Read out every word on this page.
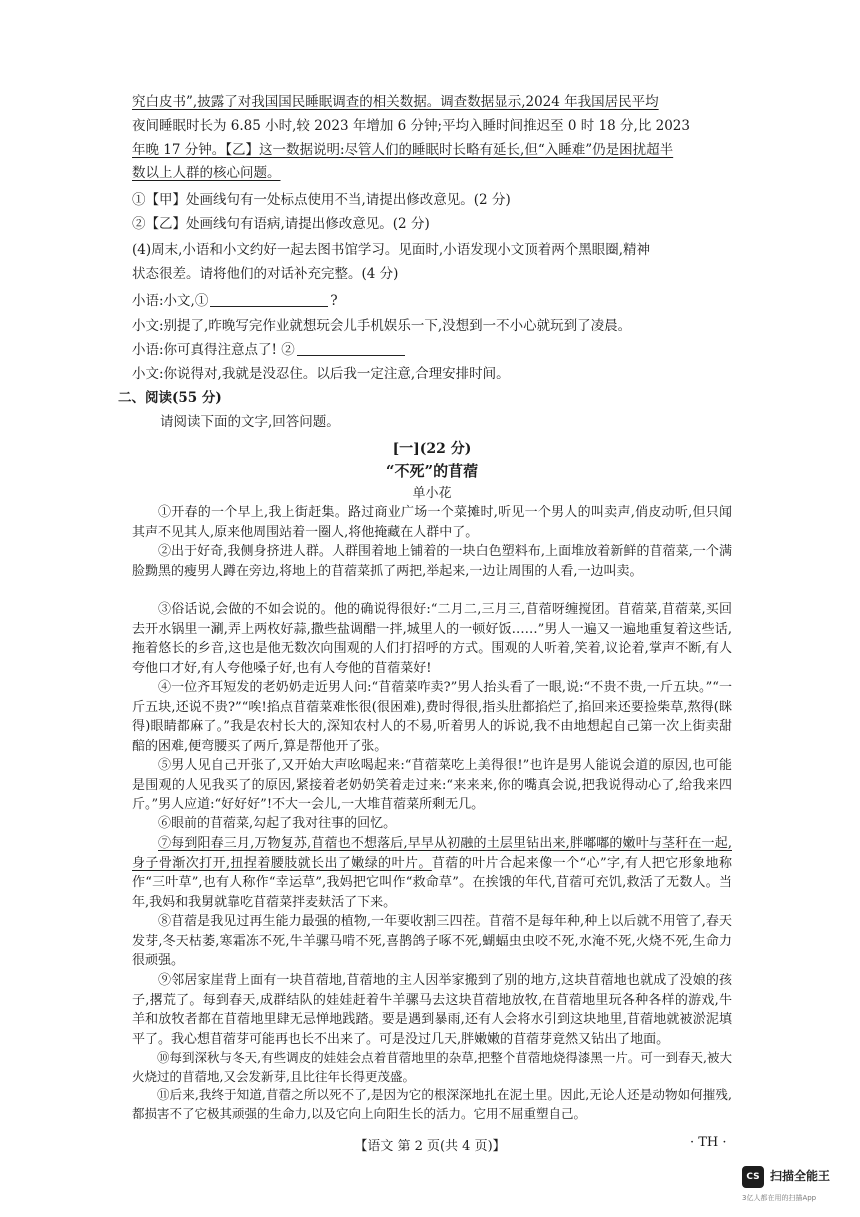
究白皮书”,披露了对我国国民睡眠调查的相关数据。调查数据显示,2024 年我国居民平均
夜间睡眠时长为 6.85 小时,较 2023 年增加 6 分钟;平均入睡时间推迟至 0 时 18 分,比 2023
年晚 17 分钟。【乙】这一数据说明:尽管人们的睡眠时长略有延长,但“入睡难”仍是困扰超半
数以上人群的核心问题。
①【甲】处画线句有一处标点使用不当,请提出修改意见。(2 分)
②【乙】处画线句有语病,请提出修改意见。(2 分)
(4)周末,小语和小文约好一起去图书馆学习。见面时,小语发现小文顶着两个黑眼圈,精神
状态很差。请将他们的对话补充完整。(4 分)
小语:小文,①	?
小文:别提了,昨晚写完作业就想玩会儿手机娱乐一下,没想到一不小心就玩到了凌晨。
小语:你可真得注意点了! ②
小文:你说得对,我就是没忍住。以后我一定注意,合理安排时间。
二、阅读(55 分)
请阅读下面的文字,回答问题。
[一](22 分)
“不死”的苜蓿
单小花
①开春的一个早上,我上街赶集。路过商业广场一个菜摊时,听见一个男人的叫卖声,俏皮动听,但只闻其声不见其人,原来他周围站着一圈人,将他掩藏在人群中了。
②出于好奇,我侧身挤进人群。人群围着地上铺着的一块白色塑料布,上面堆放着新鲜的苜蓿菜,一个满脸黝黑的瘦男人蹲在旁边,将地上的苜蓿菜抓了两把,举起来,一边让周围的人看,一边叫卖。
③俗话说,会做的不如会说的。他的确说得很好:“二月二,三月三,苜蓿呀缠搅团。苜蓿菜,苜蓿菜,买回去开水锅里一涮,弄上两枚好蒜,撒些盐调醋一拌,城里人的一顿好饭……”男人一遍又一遍地重复着这些话,拖着悠长的乡音,这也是他无数次向围观的人们打招呼的方式。围观的人听着,笑着,议论着,掌声不断,有人夸他口才好,有人夸他嗓子好,也有人夸他的苜蓿菜好!
④一位齐耳短发的老奶奶走近男人问:“苜蓿菜咋卖?”男人抬头看了一眼,说:“不贵不贵,一斤五块。”“一斤五块,还说不贵?”“唉!掐点苜蓿菜难怅很(很困难),费时得很,指头肚都掐烂了,掐回来还要捡柴草,熬得(眯得)眼睛都麻了。”我是农村长大的,深知农村人的不易,听着男人的诉说,我不由地想起自己第一次上街卖甜醅的困难,便弯腰买了两斤,算是帮他开了张。
⑤男人见自己开张了,又开始大声吆喝起来:“苜蓿菜吃上美得很!”也许是男人能说会道的原因,也可能是围观的人见我买了的原因,紧接着老奶奶笑着走过来:“来来来,你的嘴真会说,把我说得动心了,给我来四斤。”男人应道:“好好好”!不大一会儿,一大堆苜蓿菜所剩无几。
⑥眼前的苜蓿菜,勾起了我对往事的回忆。
⑦每到阳春三月,万物复苏,苜蓿也不想落后,早早从初融的土层里钻出来,胖嘟嘟的嫩叶与茎秆在一起,身子骨渐次打开,扭捏着腰肢就长出了嫩绿的叶片。苜蓿的叶片合起来像一个“心”字,有人把它形象地称作“三叶草”,也有人称作“幸运草”,我妈把它叫作“救命草”。在挨饿的年代,苜蓿可充饥,救活了无数人。当年,我妈和我舅就靠吃苜蓿菜拌麦麸活了下来。
⑧苜蓿是我见过再生能力最强的植物,一年要收割三四茬。苜蓿不是每年种,种上以后就不用管了,春天发芽,冬天枯萎,寒霜冻不死,牛羊骡马啃不死,喜鹊鸽子啄不死,蝴蝠虫虫咬不死,水淹不死,火烧不死,生命力很顽强。
⑨邻居家崖背上面有一块苜蓿地,苜蓿地的主人因举家搬到了别的地方,这块苜蓿地也就成了没娘的孩子,撂荒了。每到春天,成群结队的娃娃赶着牛羊骡马去这块苜蓿地放牧,在苜蓿地里玩各种各样的游戏,牛羊和放牧者都在苜蓿地里肆无忌惮地践踏。要是遇到暴雨,还有人会将水引到这块地里,苜蓿地就被淤泥填平了。我心想苜蓿芽可能再也长不出来了。可是没过几天,胖嫩嫩的苜蓿芽竟然又钻出了地面。
⑩每到深秋与冬天,有些调皮的娃娃会点着苜蓿地里的杂草,把整个苜蓿地烧得漆黑一片。可一到春天,被大火烧过的苜蓿地,又会发新芽,且比往年长得更茂盛。
⑪后来,我终于知道,苜蓿之所以死不了,是因为它的根深深地扎在泥土里。因此,无论人还是动物如何摧残,都损害不了它极其顽强的生命力,以及它向上向阳生长的活力。它用不屈重塑自己。
【语文 第 2 页(共 4 页)】	· TH ·
CS 扫描全能王
3亿人都在用的扫描App
